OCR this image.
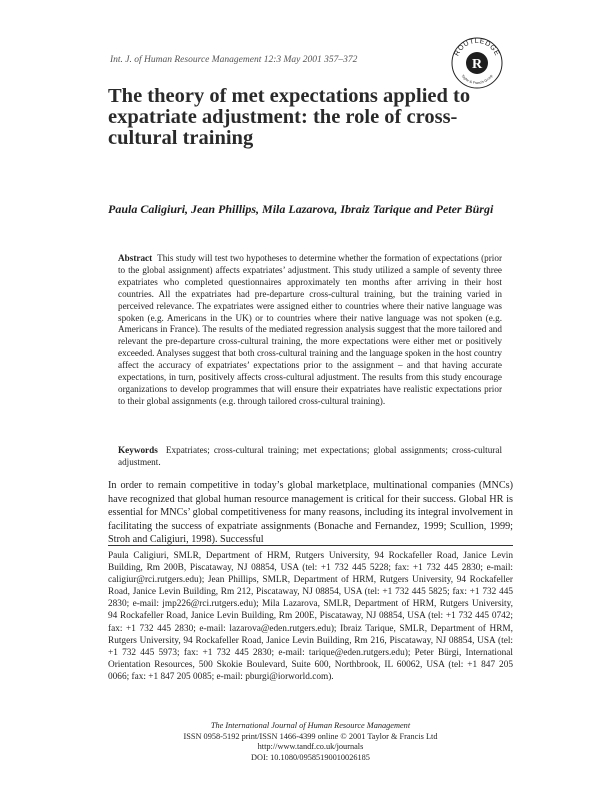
Int. J. of Human Resource Management 12:3 May 2001 357–372
ROUTLEDGE
R
Taylor & Francis Group
The theory of met expectations applied to expatriate adjustment: the role of cross-cultural training
Paula Caligiuri, Jean Phillips, Mila Lazarova, Ibraiz Tarique and Peter Bürgi
Abstract This study will test two hypotheses to determine whether the formation of expectations (prior to the global assignment) affects expatriates’ adjustment. This study utilized a sample of seventy three expatriates who completed questionnaires approximately ten months after arriving in their host countries. All the expatriates had pre-departure cross-cultural training, but the training varied in perceived relevance. The expatriates were assigned either to countries where their native language was spoken (e.g. Americans in the UK) or to countries where their native language was not spoken (e.g. Americans in France). The results of the mediated regression analysis suggest that the more tailored and relevant the pre-departure cross-cultural training, the more expectations were either met or positively exceeded. Analyses suggest that both cross-cultural training and the language spoken in the host country affect the accuracy of expatriates’ expectations prior to the assignment – and that having accurate expectations, in turn, positively affects cross-cultural adjustment. The results from this study encourage organizations to develop programmes that will ensure their expatriates have realistic expectations prior to their global assignments (e.g. through tailored cross-cultural training).
Keywords Expatriates; cross-cultural training; met expectations; global assignments; cross-cultural adjustment.
In order to remain competitive in today’s global marketplace, multinational companies (MNCs) have recognized that global human resource management is critical for their success. Global HR is essential for MNCs’ global competitiveness for many reasons, including its integral involvement in facilitating the success of expatriate assignments (Bonache and Fernandez, 1999; Scullion, 1999; Stroh and Caligiuri, 1998). Successful
Paula Caligiuri, SMLR, Department of HRM, Rutgers University, 94 Rockafeller Road, Janice Levin Building, Rm 200B, Piscataway, NJ 08854, USA (tel: +1 732 445 5228; fax: +1 732 445 2830; e-mail: caligiur@rci.rutgers.edu); Jean Phillips, SMLR, Department of HRM, Rutgers University, 94 Rockafeller Road, Janice Levin Building, Rm 212, Piscataway, NJ 08854, USA (tel: +1 732 445 5825; fax: +1 732 445 2830; e-mail: jmp226@rci.rutgers.edu); Mila Lazarova, SMLR, Department of HRM, Rutgers University, 94 Rockafeller Road, Janice Levin Building, Rm 200E, Piscataway, NJ 08854, USA (tel: +1 732 445 0742; fax: +1 732 445 2830; e-mail: lazarova@eden.rutgers.edu); Ibraiz Tarique, SMLR, Department of HRM, Rutgers University, 94 Rockafeller Road, Janice Levin Building, Rm 216, Piscataway, NJ 08854, USA (tel: +1 732 445 5973; fax: +1 732 445 2830; e-mail: tarique@eden.rutgers.edu); Peter Bürgi, International Orientation Resources, 500 Skokie Boulevard, Suite 600, Northbrook, IL 60062, USA (tel: +1 847 205 0066; fax: +1 847 205 0085; e-mail: pburgi@iorworld.com).
The International Journal of Human Resource Management
ISSN 0958-5192 print/ISSN 1466-4399 online © 2001 Taylor & Francis Ltd
http://www.tandf.co.uk/journals
DOI: 10.1080/09585190010026185
